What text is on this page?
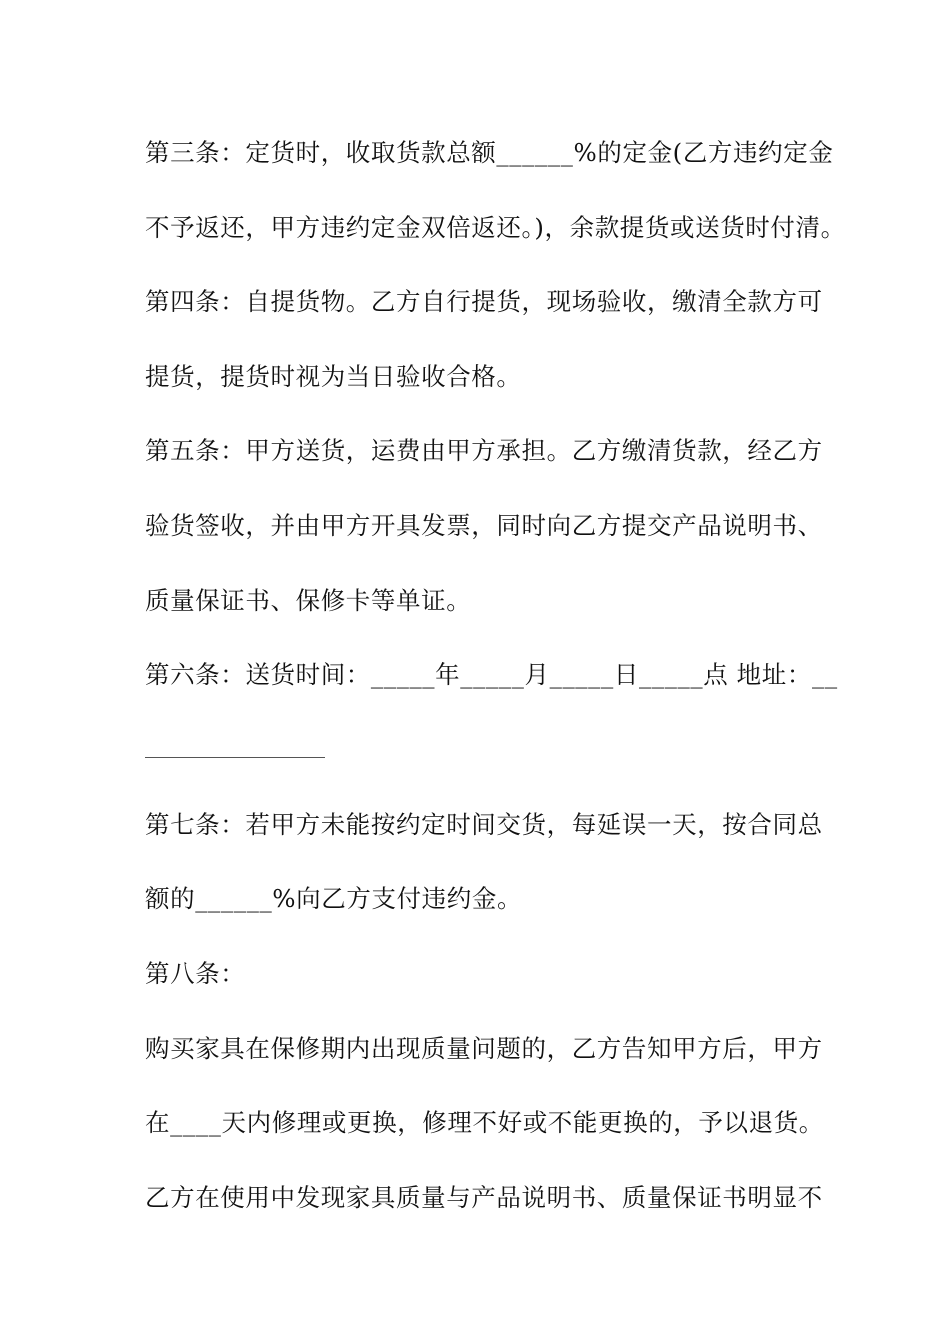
第三条：定货时，收取货款总额______%的定金(乙方违约定金
不予返还，甲方违约定金双倍返还。)，余款提货或送货时付清。
第四条：自提货物。乙方自行提货，现场验收，缴清全款方可
提货，提货时视为当日验收合格。
第五条：甲方送货，运费由甲方承担。乙方缴清货款，经乙方
验货签收，并由甲方开具发票，同时向乙方提交产品说明书、
质量保证书、保修卡等单证。
第六条：送货时间：_____年_____月_____日_____点 地址：__
第七条：若甲方未能按约定时间交货，每延误一天，按合同总
额的______%向乙方支付违约金。
第八条：
购买家具在保修期内出现质量问题的，乙方告知甲方后，甲方
在____天内修理或更换，修理不好或不能更换的，予以退货。
乙方在使用中发现家具质量与产品说明书、质量保证书明显不
